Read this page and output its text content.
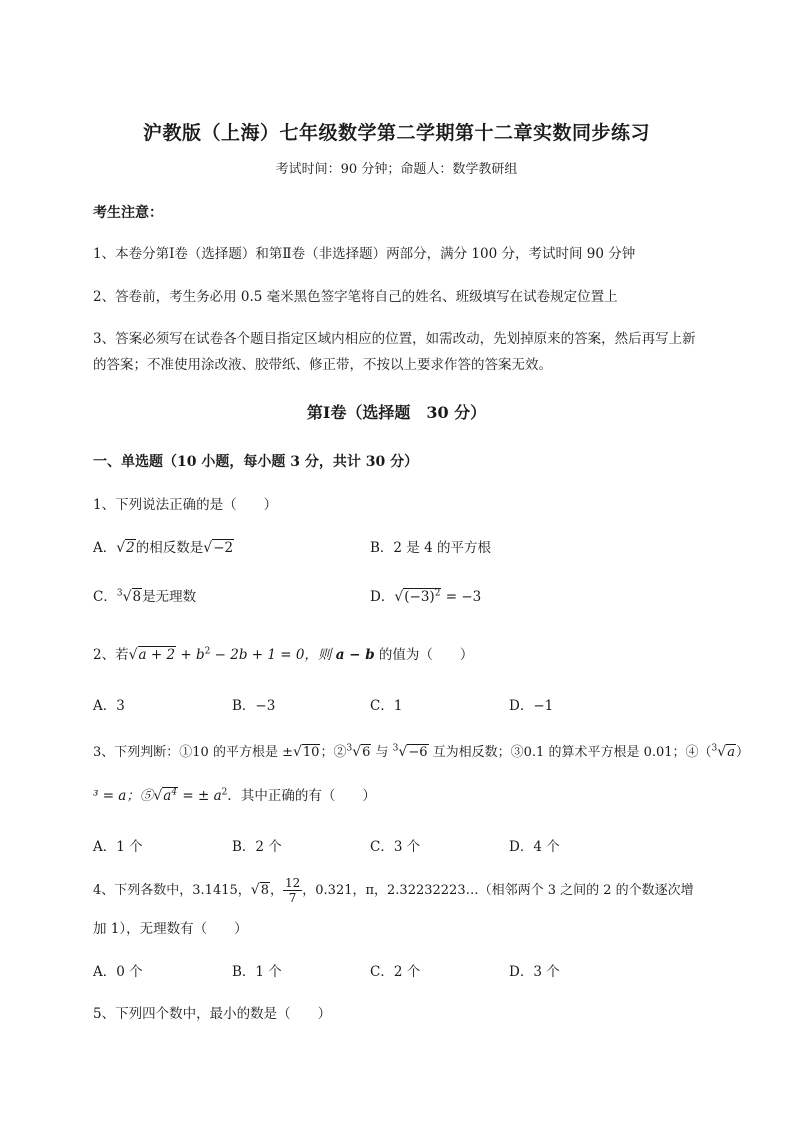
沪教版（上海）七年级数学第二学期第十二章实数同步练习
考试时间：90 分钟；命题人：数学教研组
考生注意：
1、本卷分第Ⅰ卷（选择题）和第Ⅱ卷（非选择题）两部分，满分 100 分，考试时间 90 分钟
2、答卷前，考生务必用 0.5 毫米黑色签字笔将自己的姓名、班级填写在试卷规定位置上
3、答案必须写在试卷各个题目指定区域内相应的位置，如需改动，先划掉原来的答案，然后再写上新
的答案；不准使用涂改液、胶带纸、修正带，不按以上要求作答的答案无效。
第Ⅰ卷（选择题　30 分）
一、单选题（10 小题，每小题 3 分，共计 30 分）
1、下列说法正确的是（　　）
A．√2的相反数是√−2	B．2 是 4 的平方根
C．$^3$√8是无理数	D．$√(-3)^2 = -3$
2、若$√a + 2 + b^2 - 2b + 1 = 0$，则 a − b 的值为（　　）
A．3	B．−3	C．1	D．−1
3、下列判断：①10 的平方根是 ±√10；②$^3$√6 与 $^3$√−6 互为相反数；③0.1 的算术平方根是 0.01；④（$^3$√a）
³ = a；$⑤√a^4$ = ± $a^2$．其中正确的有（　　）
A．1 个	B．2 个	C．3 个	D．4 个
4、下列各数中，3.1415，√8， $\frac{12}{7}$ ，0.321，π，2.32232223…（相邻两个 3 之间的 2 的个数逐次增
加 1），无理数有（　　）
A．0 个	B．1 个	C．2 个	D．3 个
5、下列四个数中，最小的数是（　　）
